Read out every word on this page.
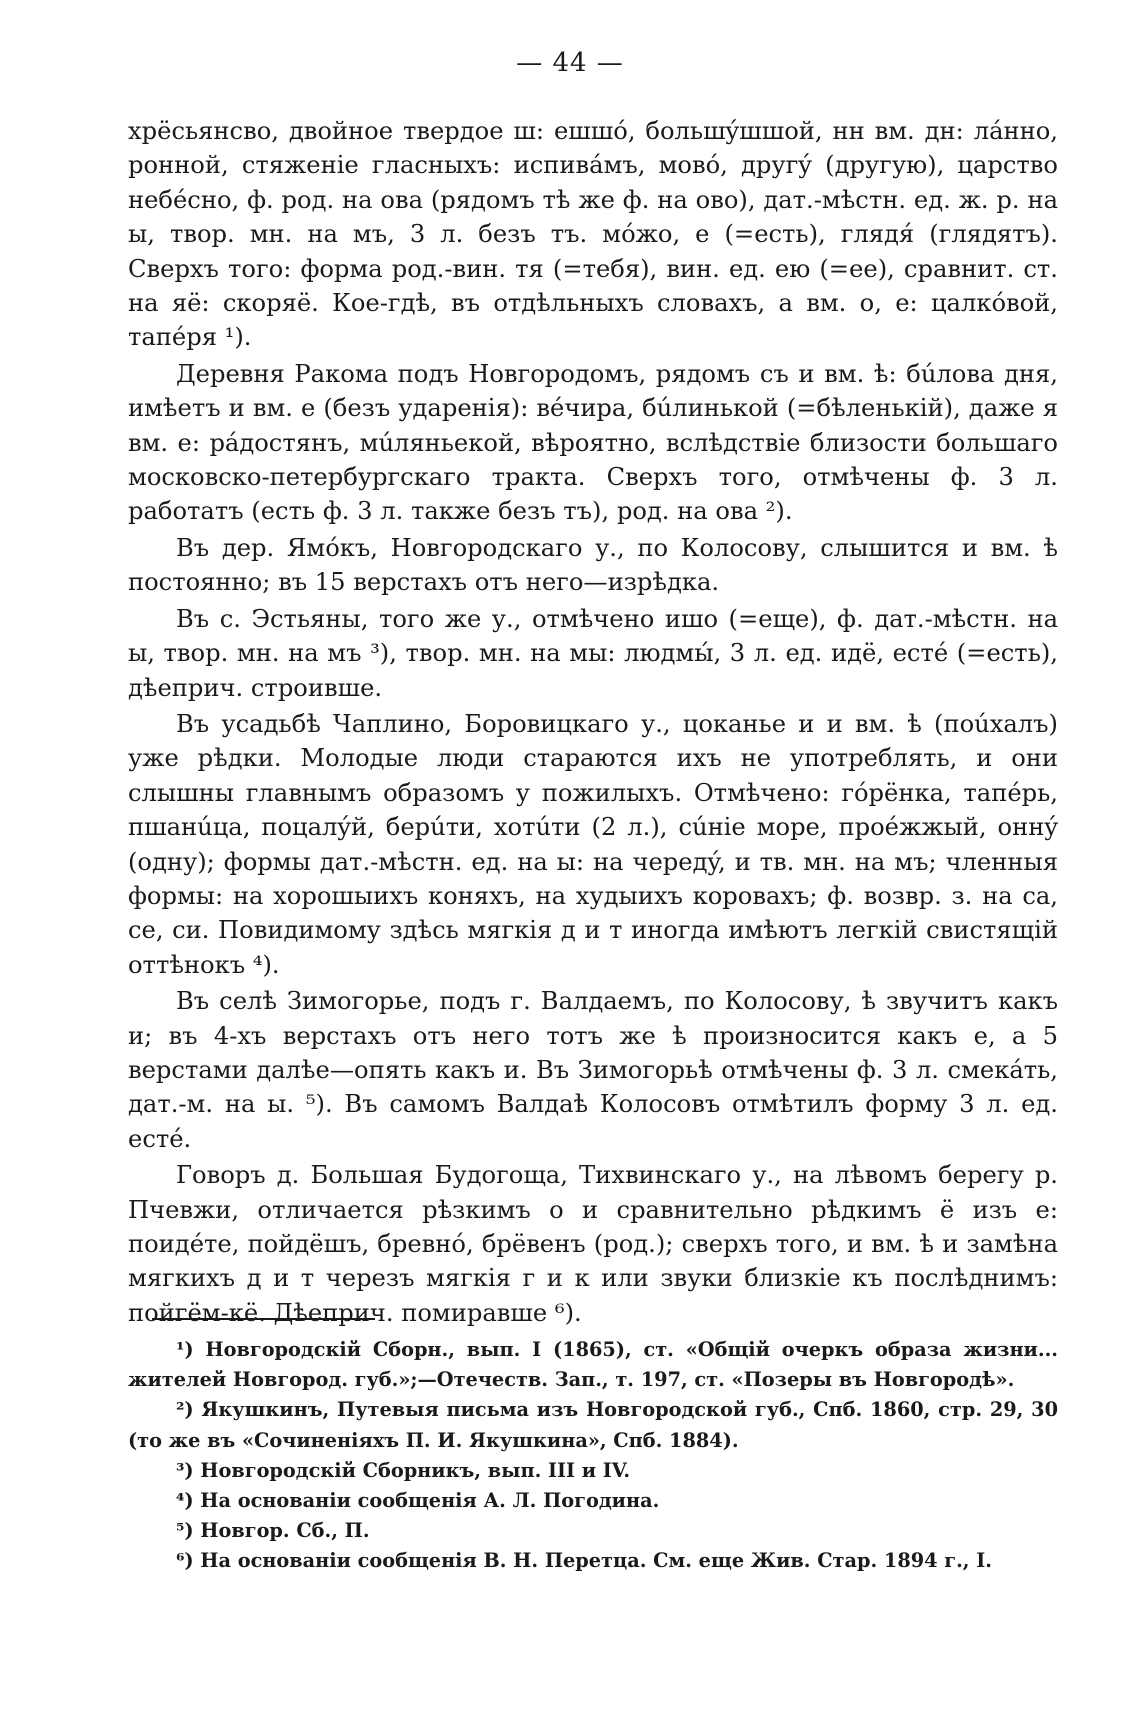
— 44 —

хрёсьянсво, двойное твердое ш: ешшó, большýшшой, нн вм. дн: лáнно, ронной, стяженіе гласныхъ: испивáмъ, мовó, другý (другую), царство небéсно, ф. род. на ова (рядомъ тѣ же ф. на ово), дат.-мѣстн. ед. ж. р. на ы, твор. мн. на мъ, 3 л. безъ тъ. мóжо, е (=есть), глядя́ (глядятъ). Сверхъ того: форма род.-вин. тя (=тебя), вин. ед. ею (=ее), сравнит. ст. на яё: скоряё. Кое-гдѣ, въ отдѣльныхъ словахъ, а вм. о, е: цалкóвой, тапéря ¹).

Деревня Ракома подъ Новгородомъ, рядомъ съ и вм. ѣ: бúлова дня, имѣетъ и вм. е (безъ ударенія): вéчира, бúлинькой (=бѣленькій), даже я вм. е: рáдостянъ, мúляньекой, вѣроятно, вслѣдствіе близости большаго московско-петербургскаго тракта. Сверхъ того, отмѣчены ф. 3 л. работатъ (есть ф. 3 л. также безъ тъ), род. на ова ²).

Въ дер. Ямóкъ, Новгородскаго у., по Колосову, слышится и вм. ѣ постоянно; въ 15 верстахъ отъ него—изрѣдка.

Въ с. Эстьяны, того же у., отмѣчено ишо (=еще), ф. дат.-мѣстн. на ы, твор. мн. на мъ ³), твор. мн. на мы: людмы́, 3 л. ед. идё, естé (=есть), дѣеприч. строивше.

Въ усадьбѣ Чаплино, Боровицкаго у., цоканье и и вм. ѣ (поúхалъ) уже рѣдки. Молодые люди стараются ихъ не употреблять, и они слышны главнымъ образомъ у пожилыхъ. Отмѣчено: гóрёнка, тапéрь, пшанúца, поцалýй, берúти, хотúти (2 л.), сúніе море, проéжжый, оннý (одну); формы дат.-мѣстн. ед. на ы: на чередý, и тв. мн. на мъ; членныя формы: на хорошыихъ коняхъ, на худыихъ коровахъ; ф. возвр. з. на са, се, си. Повидимому здѣсь мягкія д и т иногда имѣютъ легкій свистящій оттѣнокъ ⁴).

Въ селѣ Зимогорье, подъ г. Валдаемъ, по Колосову, ѣ звучитъ какъ и; въ 4-хъ верстахъ отъ него тотъ же ѣ произносится какъ е, а 5 верстами далѣе—опять какъ и. Въ Зимогорьѣ отмѣчены ф. 3 л. смекáть, дат.-м. на ы. ⁵). Въ самомъ Валдаѣ Колосовъ отмѣтилъ форму 3 л. ед. естé.

Говоръ д. Большая Будогоща, Тихвинскаго у., на лѣвомъ берегу р. Пчевжи, отличается рѣзкимъ о и сравнительно рѣдкимъ ё изъ е: поидéте, пойдёшъ, бревнó, брёвенъ (род.); сверхъ того, и вм. ѣ и замѣна мягкихъ д и т черезъ мягкія г и к или звуки близкіе къ послѣднимъ: пойгём-кё. Дѣеприч. помиравше ⁶).

¹) Новгородскій Сборн., вып. I (1865), ст. «Общій очеркъ образа жизни... жителей Новгород. губ.»;—Отечеств. Зап., т. 197, ст. «Позеры въ Новгородѣ».

²) Якушкинъ, Путевыя письма изъ Новгородской губ., Спб. 1860, стр. 29, 30 (то же въ «Сочиненіяхъ П. И. Якушкина», Спб. 1884).

³) Новгородскій Сборникъ, вып. III и IV.

⁴) На основаніи сообщенія А. Л. Погодина.

⁵) Новгор. Сб., П.

⁶) На основаніи сообщенія В. Н. Перетца. См. еще Жив. Стар. 1894 г., I.
